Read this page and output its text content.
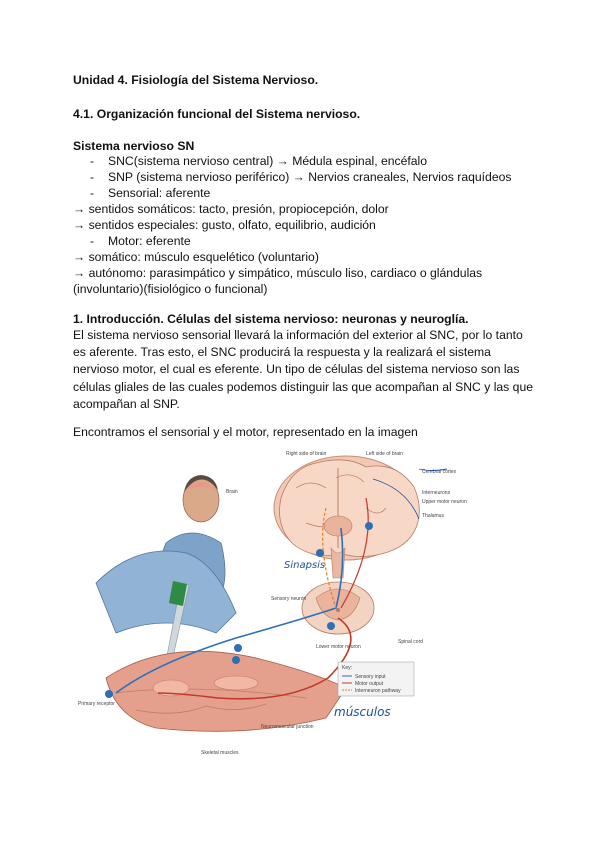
Unidad 4. Fisiología del Sistema Nervioso.
4.1. Organización funcional del Sistema nervioso.
Sistema nervioso SN
- SNC(sistema nervioso central) → Médula espinal, encéfalo
- SNP (sistema nervioso periférico) → Nervios craneales, Nervios raquídeos
- Sensorial: aferente
→ sentidos somáticos: tacto, presión, propiocepción, dolor
→ sentidos especiales: gusto, olfato, equilibrio, audición
- Motor: eferente
→ somático: músculo esquelético (voluntario)
→ autónomo: parasimpático y simpático, músculo liso, cardiaco o glándulas
(involuntario)(fisiológico o funcional)
1. Introducción. Células del sistema nervioso: neuronas y neuroglía.
El sistema nervioso sensorial llevará la información del exterior al SNC, por lo tanto es aferente. Tras esto, el SNC producirá la respuesta y la realizará el sistema nervioso motor, el cual es eferente. Un tipo de células del sistema nervioso son las células gliales de las cuales podemos distinguir las que acompañan al SNC y las que acompañan al SNP.
Encontramos el sensorial y el motor, representado en la imagen
Brain
Right side of brain	Left side of brain
Cerebral cortex
Interneurons
Upper motor neuron
Thalamus
Sensory neuron
Spinal cord
Lower motor neuron
Primary receptor
Neuromuscular junction
Skeletal muscles
Key:
Sensory input
Motor output
Interneuron pathway
Sinapsis
músculos
